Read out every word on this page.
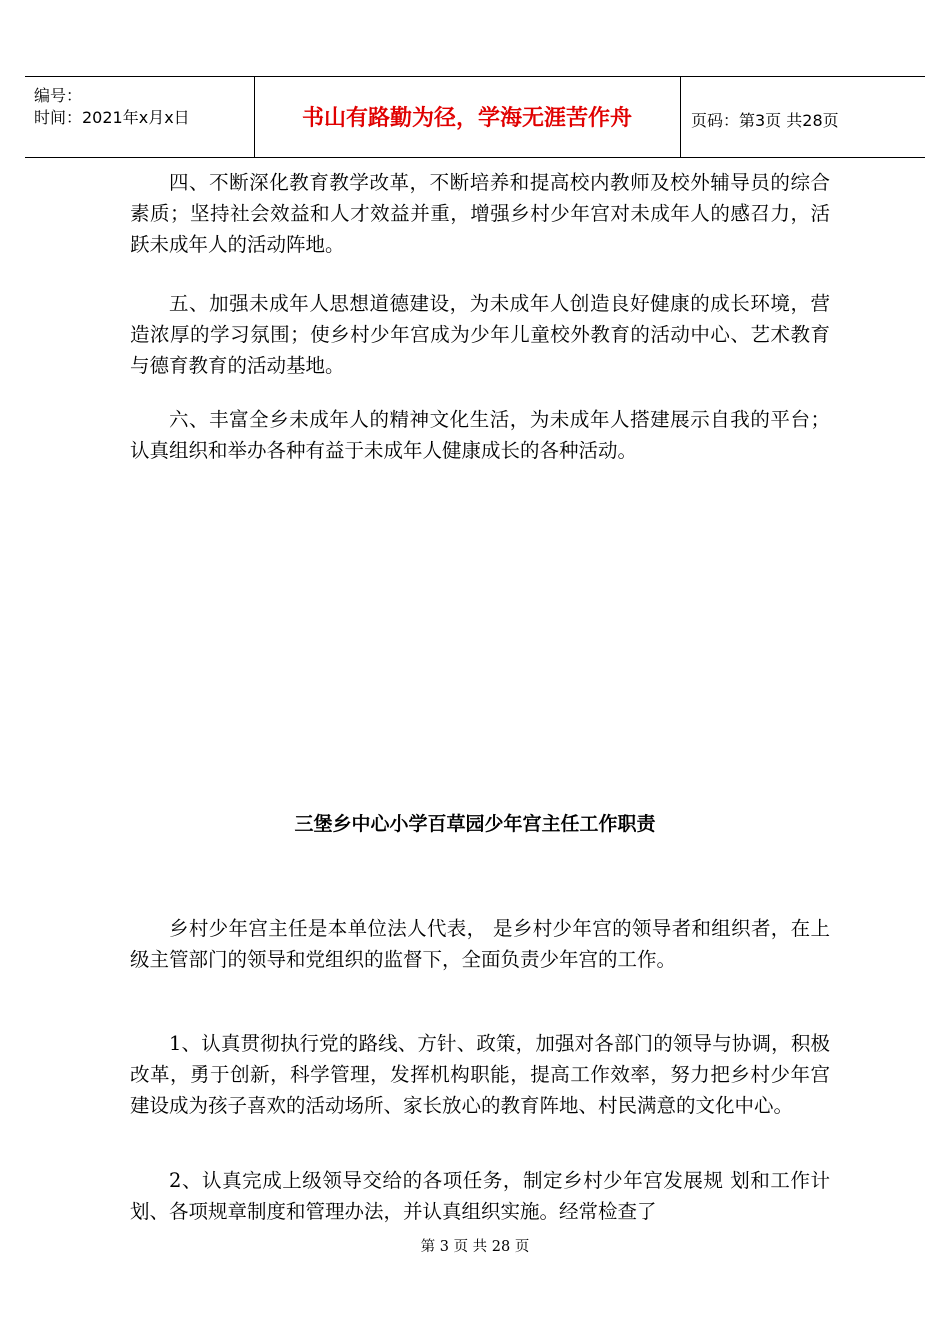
编号：
时间：2021年x月x日	书山有路勤为径，学海无涯苦作舟	页码：第3页 共28页

四、不断深化教育教学改革，不断培养和提高校内教师及校外辅导员的综合素质；坚持社会效益和人才效益并重，增强乡村少年宫对未成年人的感召力，活跃未成年人的活动阵地。

五、加强未成年人思想道德建设，为未成年人创造良好健康的成长环境，营造浓厚的学习氛围；使乡村少年宫成为少年儿童校外教育的活动中心、艺术教育与德育教育的活动基地。

六、丰富全乡未成年人的精神文化生活，为未成年人搭建展示自我的平台；认真组织和举办各种有益于未成年人健康成长的各种活动。

三堡乡中心小学百草园少年宫主任工作职责

乡村少年宫主任是本单位法人代表， 是乡村少年宫的领导者和组织者，在上级主管部门的领导和党组织的监督下，全面负责少年宫的工作。

1、认真贯彻执行党的路线、方针、政策，加强对各部门的领导与协调，积极改革，勇于创新，科学管理，发挥机构职能，提高工作效率，努力把乡村少年宫建设成为孩子喜欢的活动场所、家长放心的教育阵地、村民满意的文化中心。

2、认真完成上级领导交给的各项任务，制定乡村少年宫发展规 划和工作计划、各项规章制度和管理办法，并认真组织实施。经常检查了

第 3 页 共 28 页
